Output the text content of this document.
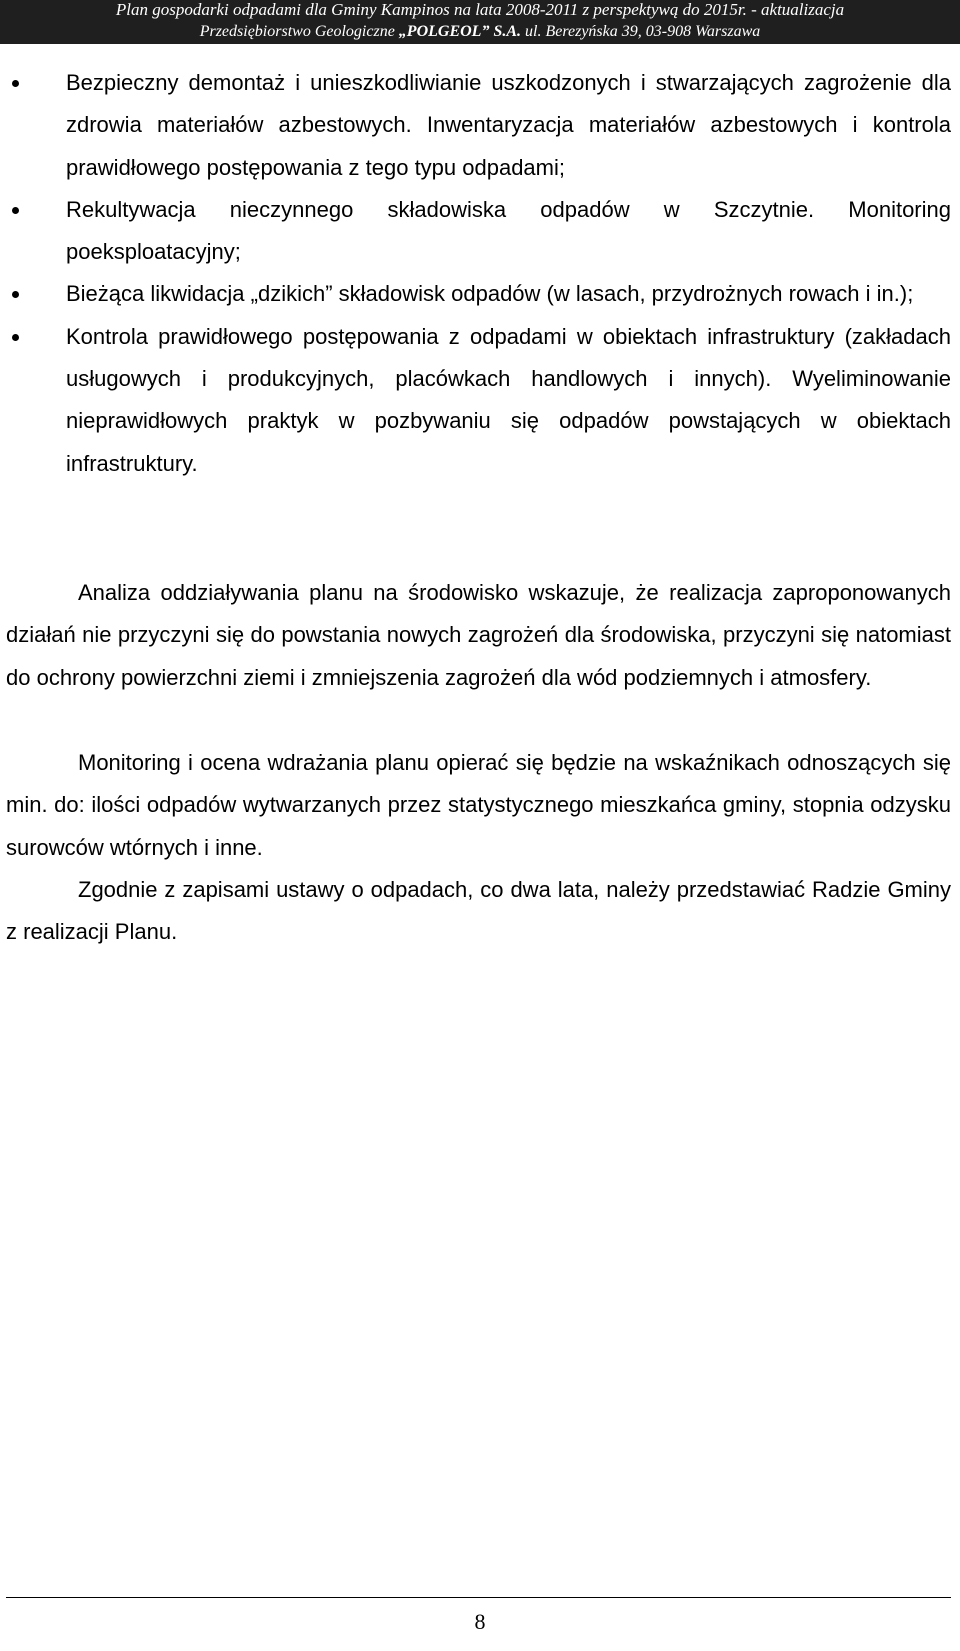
Plan gospodarki odpadami dla Gminy Kampinos na lata 2008-2011 z perspektywą do 2015r. - aktualizacja
Przedsiębiorstwo Geologiczne „POLGEOL” S.A. ul. Berezyńska 39, 03-908 Warszawa

Bezpieczny demontaż i unieszkodliwianie uszkodzonych i stwarzających zagrożenie dla zdrowia materiałów azbestowych. Inwentaryzacja materiałów azbestowych i kontrola prawidłowego postępowania z tego typu odpadami;

Rekultywacja nieczynnego składowiska odpadów w Szczytnie. Monitoring poeksploatacyjny;

Bieżąca likwidacja „dzikich” składowisk odpadów (w lasach, przydrożnych rowach i in.);

Kontrola prawidłowego postępowania z odpadami w obiektach infrastruktury (zakładach usługowych i produkcyjnych, placówkach handlowych i innych). Wyeliminowanie nieprawidłowych praktyk w pozbywaniu się odpadów powstających w obiektach infrastruktury.

Analiza oddziaływania planu na środowisko wskazuje, że realizacja zaproponowanych działań nie przyczyni się do powstania nowych zagrożeń dla środowiska, przyczyni się natomiast do ochrony powierzchni ziemi i zmniejszenia zagrożeń dla wód podziemnych i atmosfery.

Monitoring i ocena wdrażania planu opierać się będzie na wskaźnikach odnoszących się min. do: ilości odpadów wytwarzanych przez statystycznego mieszkańca gminy, stopnia odzysku surowców wtórnych i inne.

Zgodnie z zapisami ustawy o odpadach, co dwa lata, należy przedstawiać Radzie Gminy z realizacji Planu.

8
